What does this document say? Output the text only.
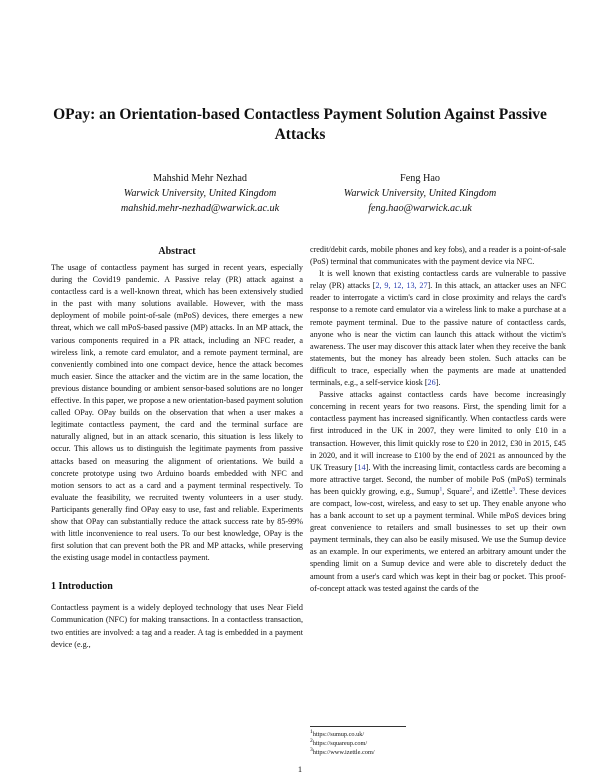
OPay: an Orientation-based Contactless Payment Solution Against Passive Attacks
Mahshid Mehr Nezhad
Warwick University, United Kingdom
mahshid.mehr-nezhad@warwick.ac.uk
Feng Hao
Warwick University, United Kingdom
feng.hao@warwick.ac.uk
Abstract

The usage of contactless payment has surged in recent years, especially during the Covid19 pandemic. A Passive relay (PR) attack against a contactless card is a well-known threat, which has been extensively studied in the past with many solutions available. However, with the mass deployment of mobile point-of-sale (mPoS) devices, there emerges a new threat, which we call mPoS-based passive (MP) attacks. In an MP attack, the various components required in a PR attack, including an NFC reader, a wireless link, a remote card emulator, and a remote payment terminal, are conveniently combined into one compact device, hence the attack becomes much easier. Since the attacker and the victim are in the same location, the previous distance bounding or ambient sensor-based solutions are no longer effective. In this paper, we propose a new orientation-based payment solution called OPay. OPay builds on the observation that when a user makes a legitimate contactless payment, the card and the terminal surface are naturally aligned, but in an attack scenario, this situation is less likely to occur. This allows us to distinguish the legitimate payments from passive attacks based on measuring the alignment of orientations. We build a concrete prototype using two Arduino boards embedded with NFC and motion sensors to act as a card and a payment terminal respectively. To evaluate the feasibility, we recruited twenty volunteers in a user study. Participants generally find OPay easy to use, fast and reliable. Experiments show that OPay can substantially reduce the attack success rate by 85-99% with little inconvenience to real users. To our best knowledge, OPay is the first solution that can prevent both the PR and MP attacks, while preserving the existing usage model in contactless payment.

1 Introduction

Contactless payment is a widely deployed technology that uses Near Field Communication (NFC) for making transactions. In a contactless transaction, two entities are involved: a tag and a reader. A tag is embedded in a payment device (e.g.,

credit/debit cards, mobile phones and key fobs), and a reader is a point-of-sale (PoS) terminal that communicates with the payment device via NFC.

It is well known that existing contactless cards are vulnerable to passive relay (PR) attacks [2, 9, 12, 13, 27]. In this attack, an attacker uses an NFC reader to interrogate a victim's card in close proximity and relays the card's response to a remote card emulator via a wireless link to make a purchase at a remote payment terminal. Due to the passive nature of contactless cards, anyone who is near the victim can launch this attack without the victim's awareness. The user may discover this attack later when they receive the bank statements, but the money has already been stolen. Such attacks can be difficult to trace, especially when the payments are made at unattended terminals, e.g., a self-service kiosk [26].

Passive attacks against contactless cards have become increasingly concerning in recent years for two reasons. First, the spending limit for a contactless payment has increased significantly. When contactless cards were first introduced in the UK in 2007, they were limited to only £10 in a transaction. However, this limit quickly rose to £20 in 2012, £30 in 2015, £45 in 2020, and it will increase to £100 by the end of 2021 as announced by the UK Treasury [14]. With the increasing limit, contactless cards are becoming a more attractive target. Second, the number of mobile PoS (mPoS) terminals has been quickly growing, e.g., Sumup$^1$, Square$^2$, and iZettle$^3$. These devices are compact, low-cost, wireless, and easy to set up. They enable anyone who has a bank account to set up a payment terminal. While mPoS devices bring great convenience to retailers and small businesses to set up their own payment terminals, they can also be easily misused. We use the Sumup device as an example. In our experiments, we entered an arbitrary amount under the spending limit on a Sumup device and were able to discretely deduct the amount from a user's card which was kept in their bag or pocket. This proof-of-concept attack was tested against the cards of the

$^1$https://sumup.co.uk/
$^2$https://squareup.com/
$^3$https://www.izettle.com/
1
